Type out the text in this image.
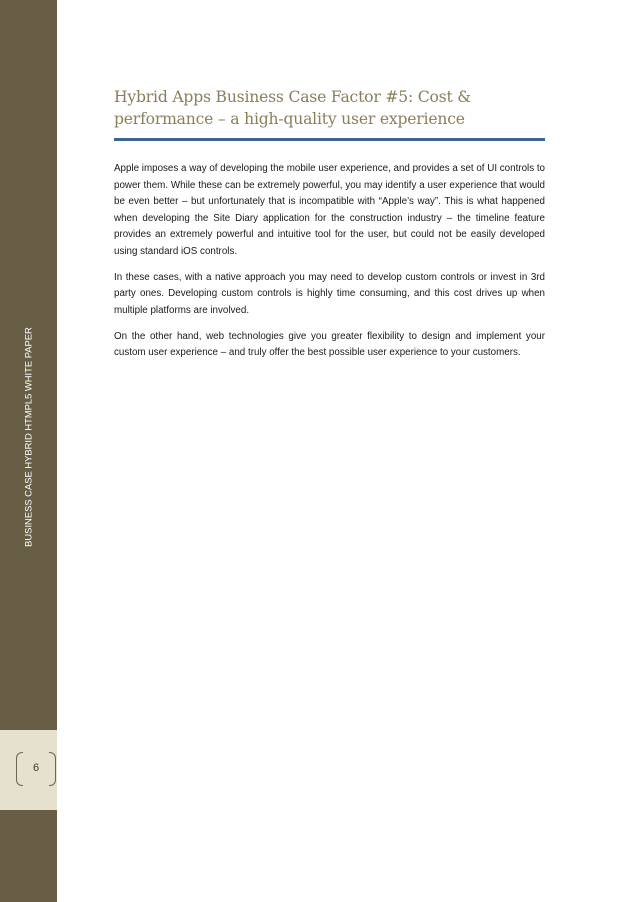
BUSINESS CASE HYBRID HTMPL5 WHITE PAPER
6
Hybrid Apps Business Case Factor #5: Cost & performance – a high-quality user experience

Apple imposes a way of developing the mobile user experience, and provides a set of UI controls to power them. While these can be extremely powerful, you may identify a user experience that would be even better – but unfortunately that is incompatible with “Apple’s way”. This is what happened when developing the Site Diary application for the construction industry – the timeline feature provides an extremely powerful and intuitive tool for the user, but could not be easily developed using standard iOS controls.

In these cases, with a native approach you may need to develop custom controls or invest in 3rd party ones. Developing custom controls is highly time consuming, and this cost drives up when multiple platforms are involved.

On the other hand, web technologies give you greater flexibility to design and implement your custom user experience – and truly offer the best possible user experience to your customers.
